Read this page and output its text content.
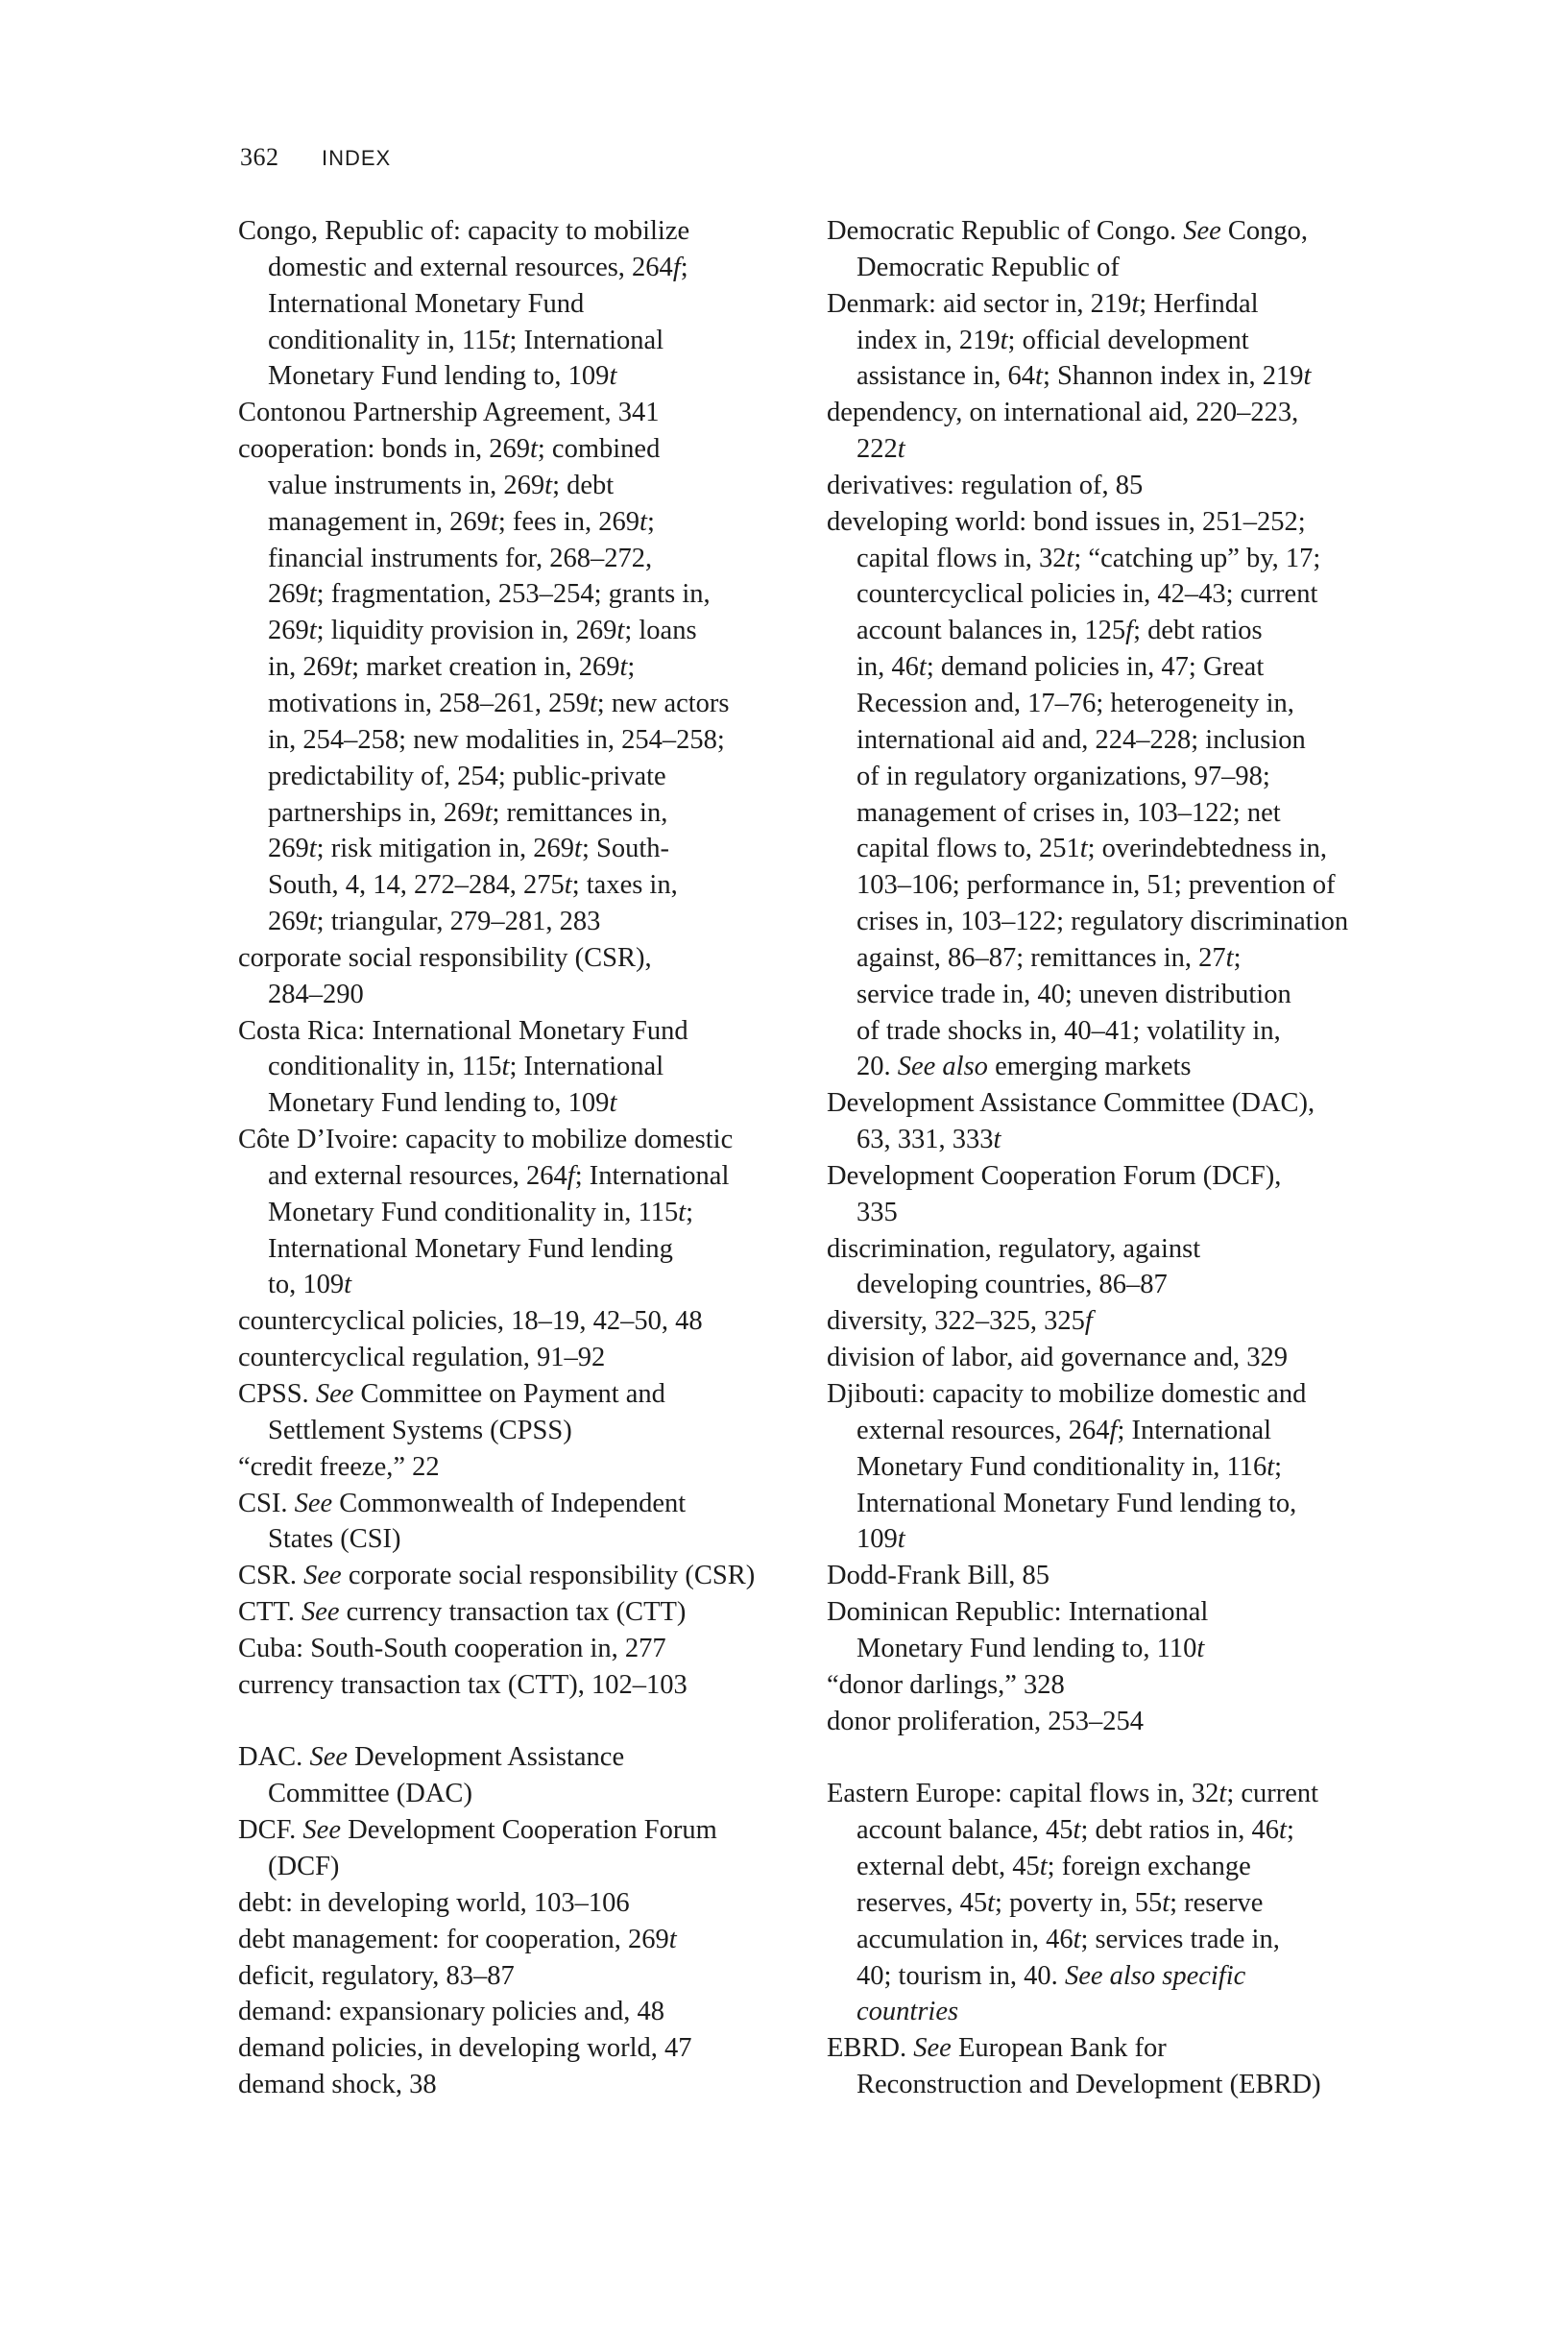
362 INDEX
Congo, Republic of: capacity to mobilize
domestic and external resources, 264f;
International Monetary Fund
conditionality in, 115t; International
Monetary Fund lending to, 109t
Contonou Partnership Agreement, 341
cooperation: bonds in, 269t; combined
value instruments in, 269t; debt
management in, 269t; fees in, 269t;
financial instruments for, 268–272,
269t; fragmentation, 253–254; grants in,
269t; liquidity provision in, 269t; loans
in, 269t; market creation in, 269t;
motivations in, 258–261, 259t; new actors
in, 254–258; new modalities in, 254–258;
predictability of, 254; public-private
partnerships in, 269t; remittances in,
269t; risk mitigation in, 269t; South-
South, 4, 14, 272–284, 275t; taxes in,
269t; triangular, 279–281, 283
corporate social responsibility (CSR),
284–290
Costa Rica: International Monetary Fund
conditionality in, 115t; International
Monetary Fund lending to, 109t
Côte D’Ivoire: capacity to mobilize domestic
and external resources, 264f; International
Monetary Fund conditionality in, 115t;
International Monetary Fund lending
to, 109t
countercyclical policies, 18–19, 42–50, 48
countercyclical regulation, 91–92
CPSS. See Committee on Payment and
Settlement Systems (CPSS)
“credit freeze,” 22
CSI. See Commonwealth of Independent
States (CSI)
CSR. See corporate social responsibility (CSR)
CTT. See currency transaction tax (CTT)
Cuba: South-South cooperation in, 277
currency transaction tax (CTT), 102–103
DAC. See Development Assistance
Committee (DAC)
DCF. See Development Cooperation Forum
(DCF)
debt: in developing world, 103–106
debt management: for cooperation, 269t
deficit, regulatory, 83–87
demand: expansionary policies and, 48
demand policies, in developing world, 47
demand shock, 38
Democratic Republic of Congo. See Congo,
Democratic Republic of
Denmark: aid sector in, 219t; Herfindal
index in, 219t; official development
assistance in, 64t; Shannon index in, 219t
dependency, on international aid, 220–223,
222t
derivatives: regulation of, 85
developing world: bond issues in, 251–252;
capital flows in, 32t; “catching up” by, 17;
countercyclical policies in, 42–43; current
account balances in, 125f; debt ratios
in, 46t; demand policies in, 47; Great
Recession and, 17–76; heterogeneity in,
international aid and, 224–228; inclusion
of in regulatory organizations, 97–98;
management of crises in, 103–122; net
capital flows to, 251t; overindebtedness in,
103–106; performance in, 51; prevention of
crises in, 103–122; regulatory discrimination
against, 86–87; remittances in, 27t;
service trade in, 40; uneven distribution
of trade shocks in, 40–41; volatility in,
20. See also emerging markets
Development Assistance Committee (DAC),
63, 331, 333t
Development Cooperation Forum (DCF),
335
discrimination, regulatory, against
developing countries, 86–87
diversity, 322–325, 325f
division of labor, aid governance and, 329
Djibouti: capacity to mobilize domestic and
external resources, 264f; International
Monetary Fund conditionality in, 116t;
International Monetary Fund lending to,
109t
Dodd-Frank Bill, 85
Dominican Republic: International
Monetary Fund lending to, 110t
“donor darlings,” 328
donor proliferation, 253–254
Eastern Europe: capital flows in, 32t; current
account balance, 45t; debt ratios in, 46t;
external debt, 45t; foreign exchange
reserves, 45t; poverty in, 55t; reserve
accumulation in, 46t; services trade in,
40; tourism in, 40. See also specific
countries
EBRD. See European Bank for
Reconstruction and Development (EBRD)
